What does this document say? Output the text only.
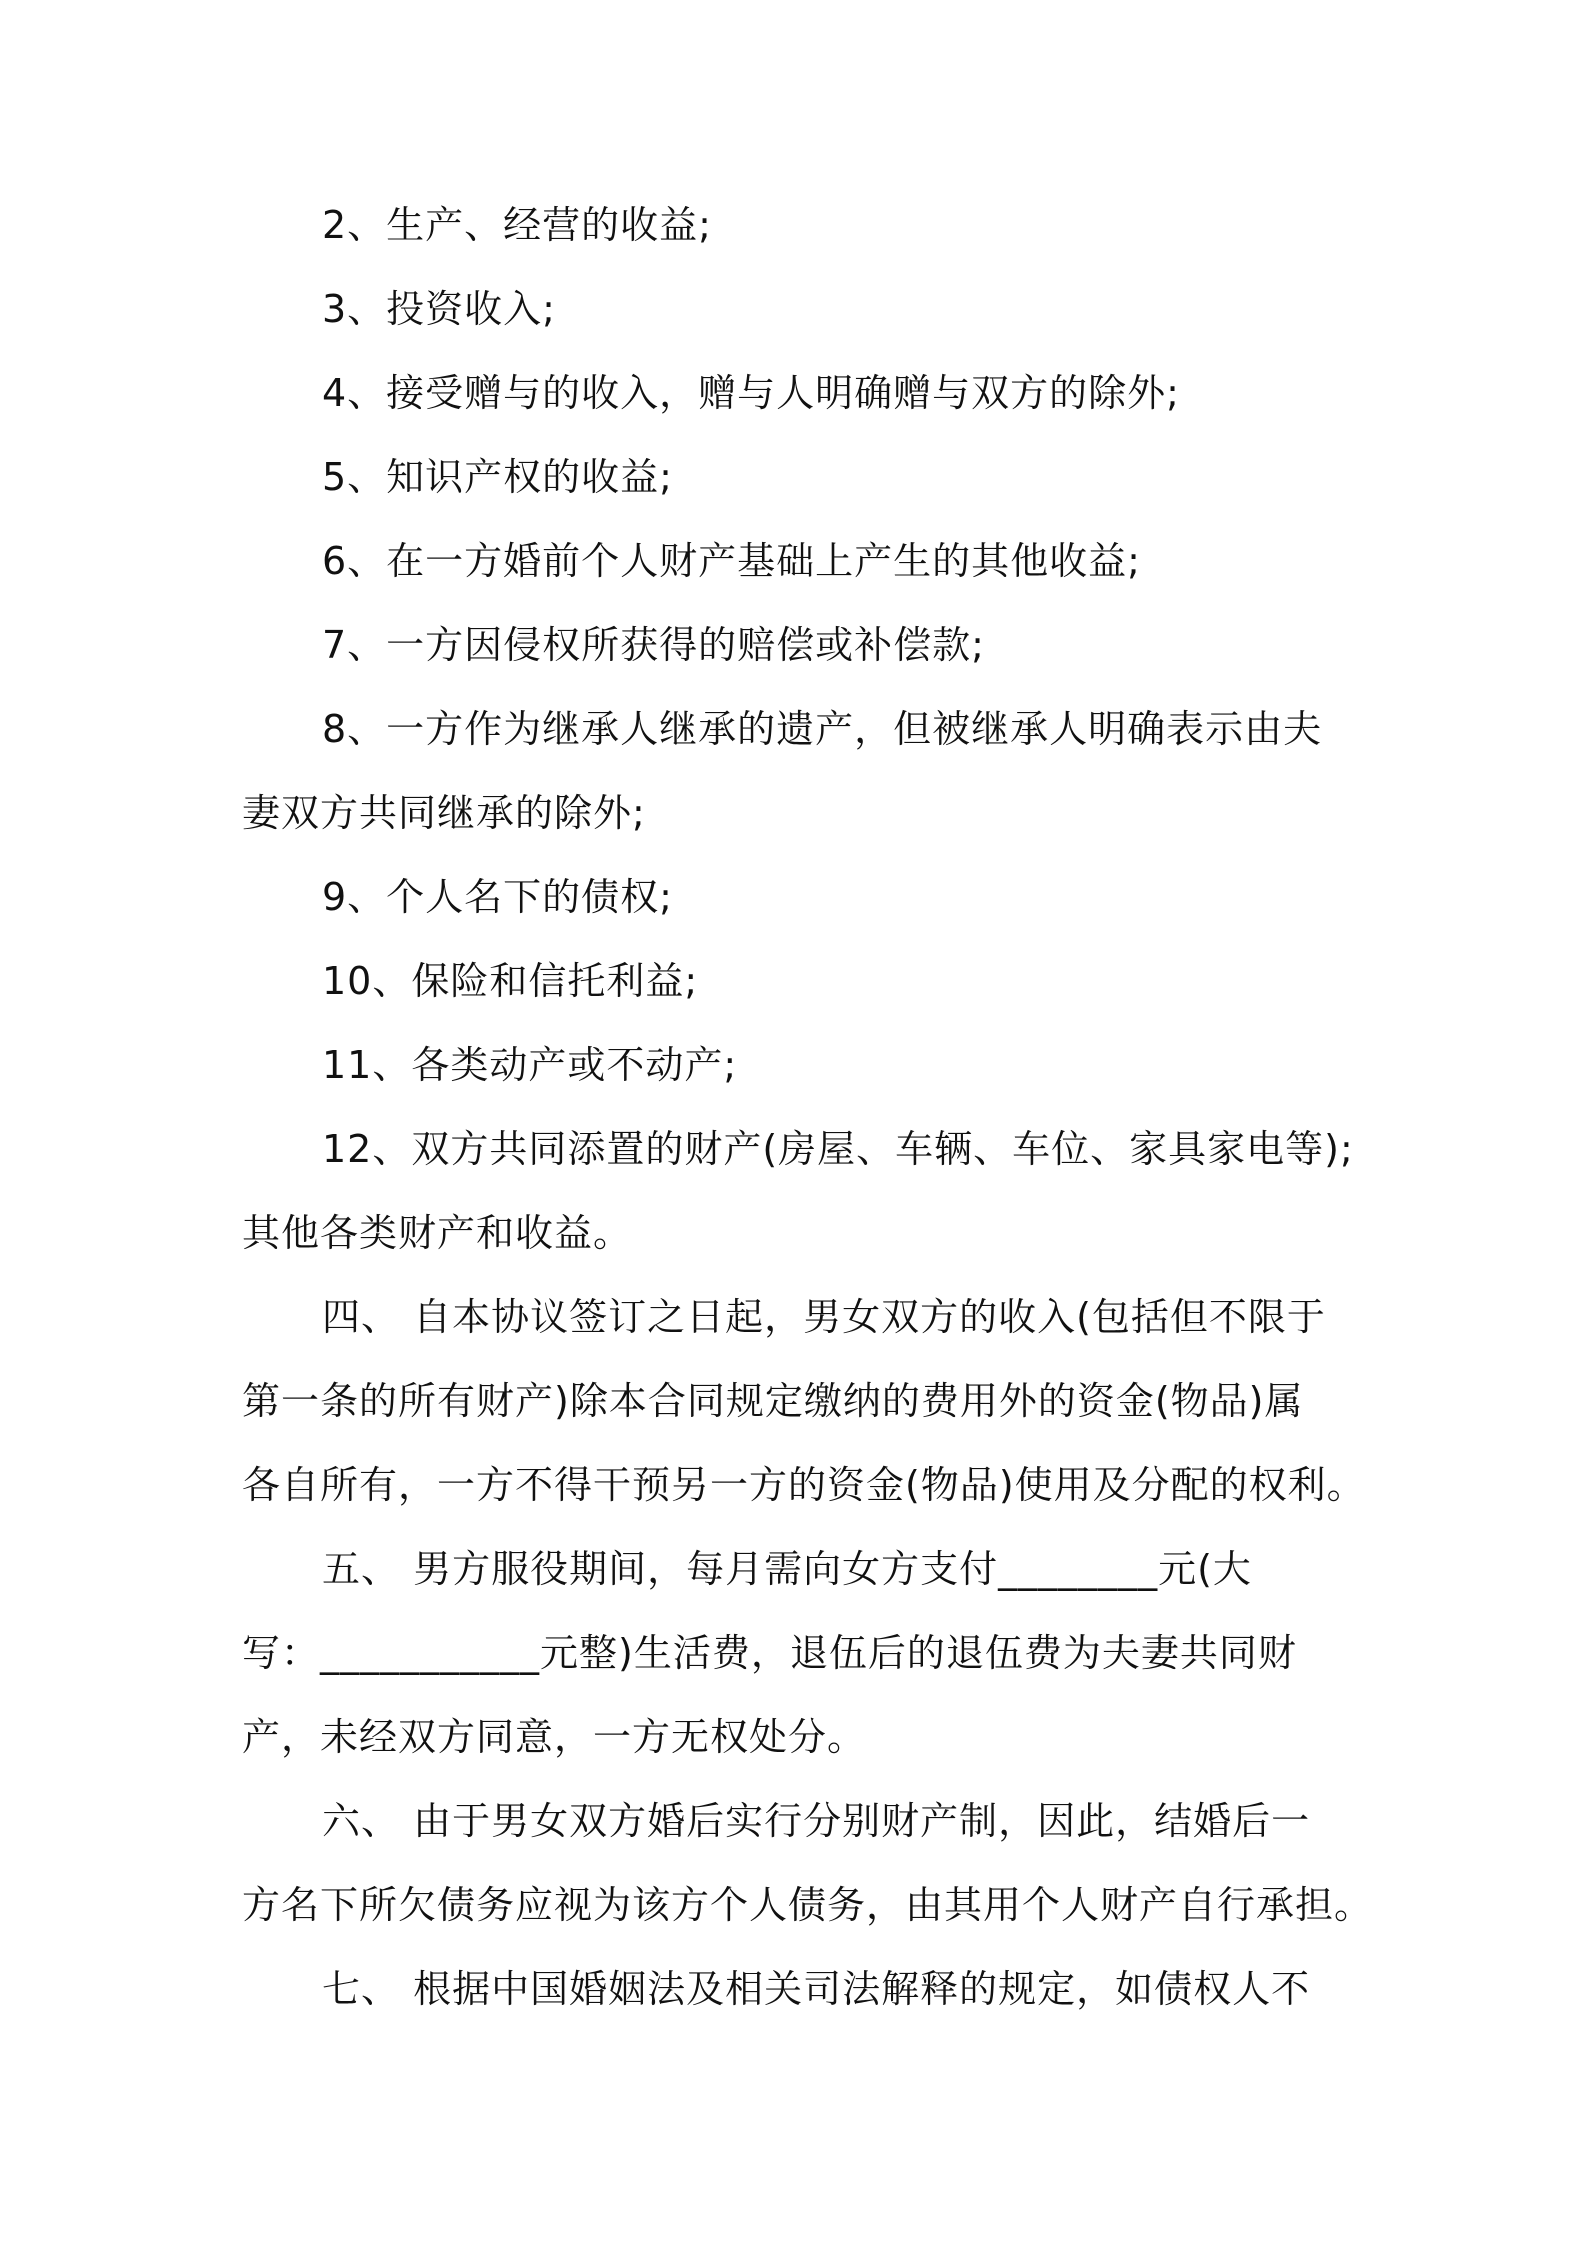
2、生产、经营的收益;
3、投资收入;
4、接受赠与的收入，赠与人明确赠与双方的除外;
5、知识产权的收益;
6、在一方婚前个人财产基础上产生的其他收益;
7、一方因侵权所获得的赔偿或补偿款;
8、一方作为继承人继承的遗产，但被继承人明确表示由夫
妻双方共同继承的除外;
9、个人名下的债权;
10、保险和信托利益;
11、各类动产或不动产;
12、双方共同添置的财产(房屋、车辆、车位、家具家电等);
其他各类财产和收益。
四、 自本协议签订之日起，男女双方的收入(包括但不限于
第一条的所有财产)除本合同规定缴纳的费用外的资金(物品)属
各自所有，一方不得干预另一方的资金(物品)使用及分配的权利。
五、 男方服役期间，每月需向女方支付________元(大
写：___________元整)生活费，退伍后的退伍费为夫妻共同财
产，未经双方同意，一方无权处分。
六、 由于男女双方婚后实行分别财产制，因此，结婚后一
方名下所欠债务应视为该方个人债务，由其用个人财产自行承担。
七、 根据中国婚姻法及相关司法解释的规定，如债权人不
